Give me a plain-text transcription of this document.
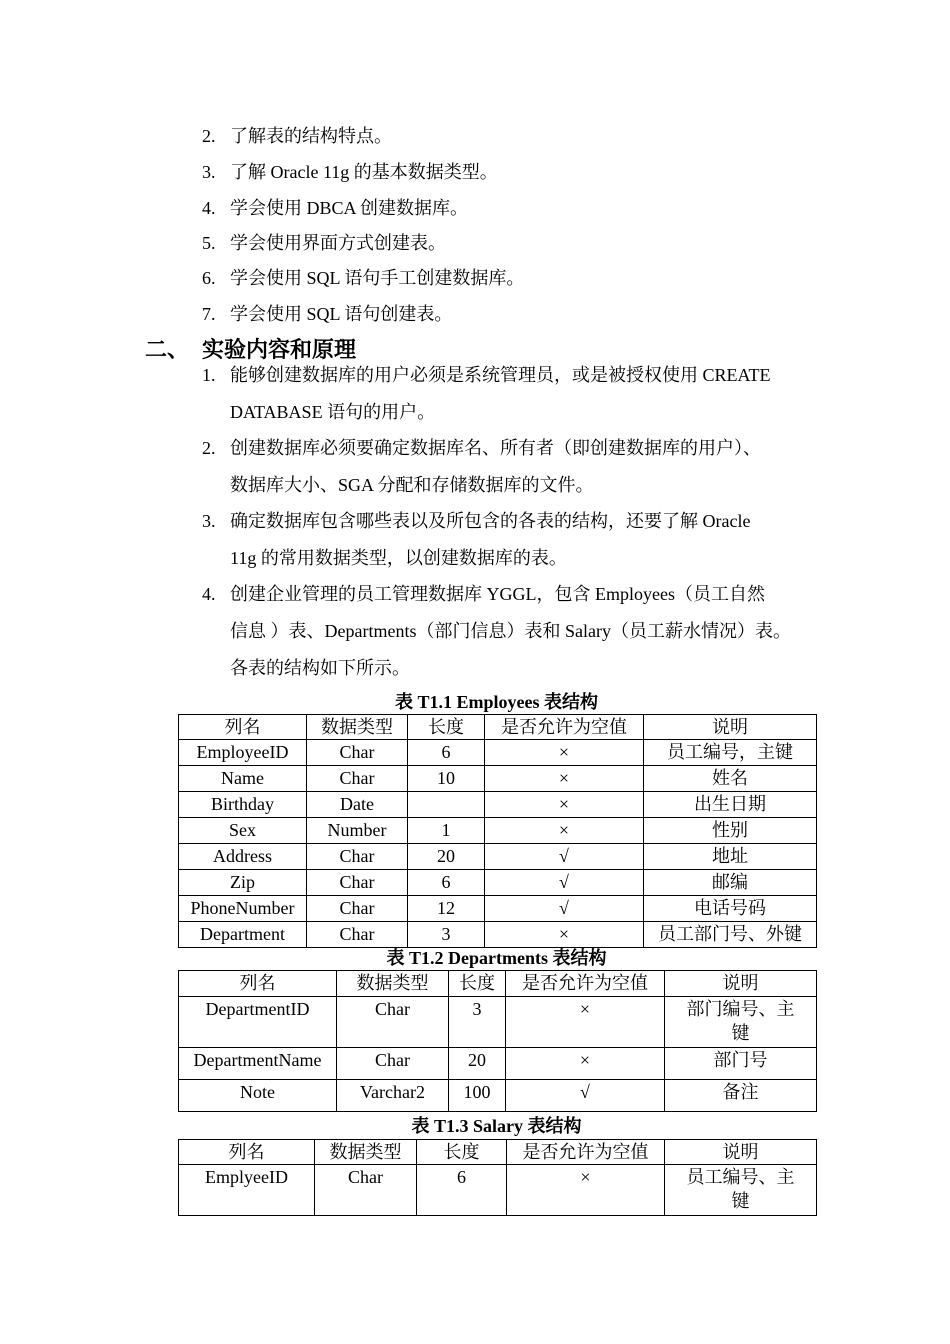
2. 了解表的结构特点。
3. 了解 Oracle 11g 的基本数据类型。
4. 学会使用 DBCA 创建数据库。
5. 学会使用界面方式创建表。
6. 学会使用 SQL 语句手工创建数据库。
7. 学会使用 SQL 语句创建表。
二、 实验内容和原理
1. 能够创建数据库的用户必须是系统管理员，或是被授权使用 CREATE
DATABASE 语句的用户。
2. 创建数据库必须要确定数据库名、所有者（即创建数据库的用户）、
数据库大小、SGA 分配和存储数据库的文件。
3. 确定数据库包含哪些表以及所包含的各表的结构，还要了解 Oracle
11g 的常用数据类型，以创建数据库的表。
4. 创建企业管理的员工管理数据库 YGGL，包含 Employees（员工自然
信息 ）表、Departments（部门信息）表和 Salary（员工薪水情况）表。
各表的结构如下所示。
表 T1.1 Employees 表结构
列名	数据类型	长度	是否允许为空值	说明
EmployeeID	Char	6	×	员工编号，主键
Name	Char	10	×	姓名
Birthday	Date		×	出生日期
Sex	Number	1	×	性别
Address	Char	20	√	地址
Zip	Char	6	√	邮编
PhoneNumber	Char	12	√	电话号码
Department	Char	3	×	员工部门号、外键
表 T1.2 Departments 表结构
列名	数据类型	长度	是否允许为空值	说明
DepartmentID	Char	3	×	部门编号、主键
DepartmentName	Char	20	×	部门号
Note	Varchar2	100	√	备注
表 T1.3 Salary 表结构
列名	数据类型	长度	是否允许为空值	说明
EmplyeeID	Char	6	×	员工编号、主键
